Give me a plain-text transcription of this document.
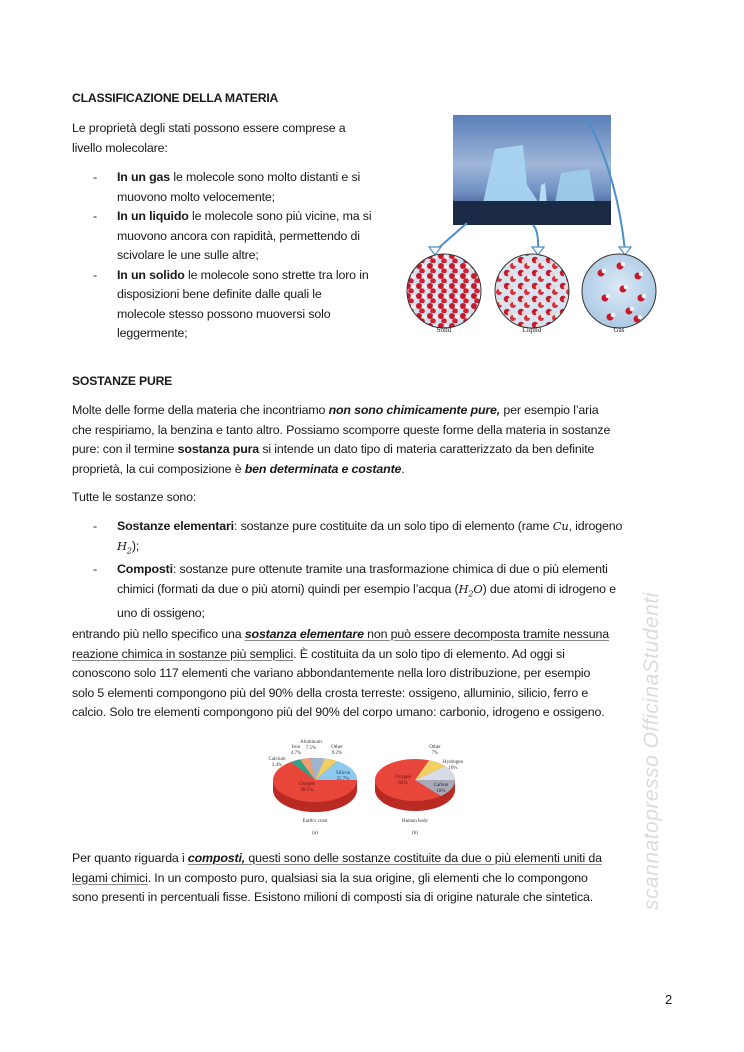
CLASSIFICAZIONE DELLA MATERIA
Le proprietà degli stati possono essere comprese a
livello molecolare:
- In un gas le molecole sono molto distanti e si
muovono molto velocemente;
- In un liquido le molecole sono più vicine, ma si
muovono ancora con rapidità, permettendo di
scivolare le une sulle altre;
- In un solido le molecole sono strette tra loro in
disposizioni bene definite dalle quali le
molecole stesso possono muoversi solo
leggermente;	Solid	Liquid	Gas
SOSTANZE PURE
Molte delle forme della materia che incontriamo non sono chimicamente pure, per esempio l’aria
che respiriamo, la benzina e tanto altro. Possiamo scomporre queste forme della materia in sostanze
pure: con il termine sostanza pura si intende un dato tipo di materia caratterizzato da ben definite
proprietà, la cui composizione è ben determinata e costante.
Tutte le sostanze sono:
- Sostanze elementari: sostanze pure costituite da un solo tipo di elemento (rame Cu, idrogeno
$H_2$);
- Composti: sostanze pure ottenute tramite una trasformazione chimica di due o più elementi
chimici (formati da due o più atomi) quindi per esempio l’acqua $(H_2O)$ due atomi di idrogeno e
uno di ossigeno;
entrando più nello specifico una sostanza elementare non può essere decomposta tramite nessuna
reazione chimica in sostanze più semplici. È costituita da un solo tipo di elemento. Ad oggi si
conoscono solo 117 elementi che variano abbondantemente nella loro distribuzione, per esempio
solo 5 elementi compongono più del 90% della crosta terreste: ossigeno, alluminio, silicio, ferro e
calcio. Solo tre elementi compongono più del 90% del corpo umano: carbonio, idrogeno e ossigeno.
Oxygen
49.5%
Silicon
25.7%
Aluminum
7.5%
Iron
4.7%
Calcium
3.4%
Other
9.2%
Earth's crust
(a)
Oxygen
65%	Carbon
18%
Hydrogen
10%
Other
7%
Human body
(b)
Per quanto riguarda i composti, questi sono delle sostanze costituite da due o più elementi uniti da
legami chimici. In un composto puro, qualsiasi sia la sua origine, gli elementi che lo compongono
sono presenti in percentuali fisse. Esistono milioni di composti sia di origine naturale che sintetica.	scannatopresso OfficinaStudenti
2
